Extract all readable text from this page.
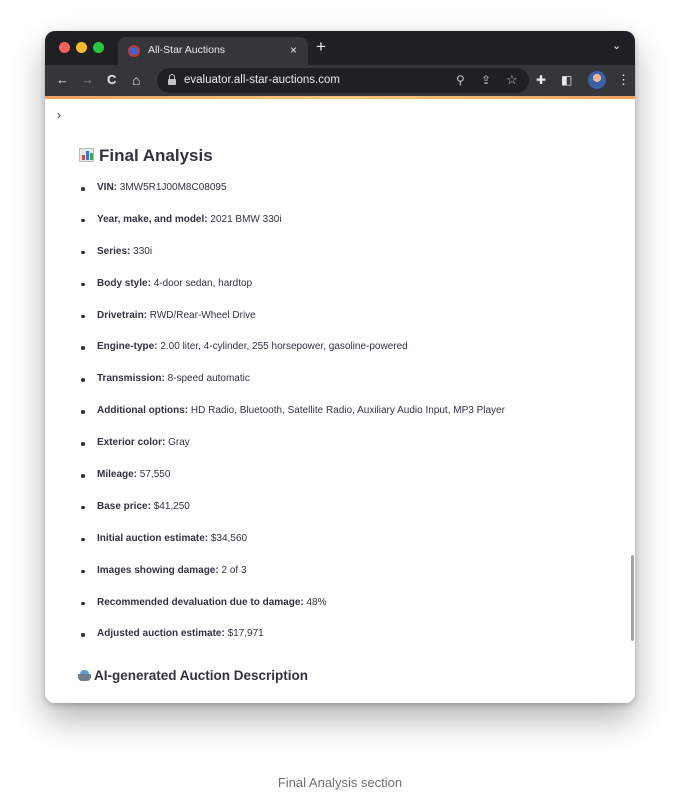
All-Star Auctions	× +	⌄
← → C ⌂	evaluator.all-star-auctions.com	⚲ ⇪ ☆ ✚ ◧	⋮
›
Final Analysis
VIN: 3MW5R1J00M8C08095
Year, make, and model: 2021 BMW 330i
Series: 330i
Body style: 4-door sedan, hardtop
Drivetrain: RWD/Rear-Wheel Drive
Engine-type: 2.00 liter, 4-cylinder, 255 horsepower, gasoline-powered
Transmission: 8-speed automatic
Additional options: HD Radio, Bluetooth, Satellite Radio, Auxiliary Audio Input, MP3 Player
Exterior color: Gray
Mileage: 57,550
Base price: $41,250
Initial auction estimate: $34,560
Images showing damage: 2 of 3
Recommended devaluation due to damage: 48%
Adjusted auction estimate: $17,971
AI-generated Auction Description
Final Analysis section
